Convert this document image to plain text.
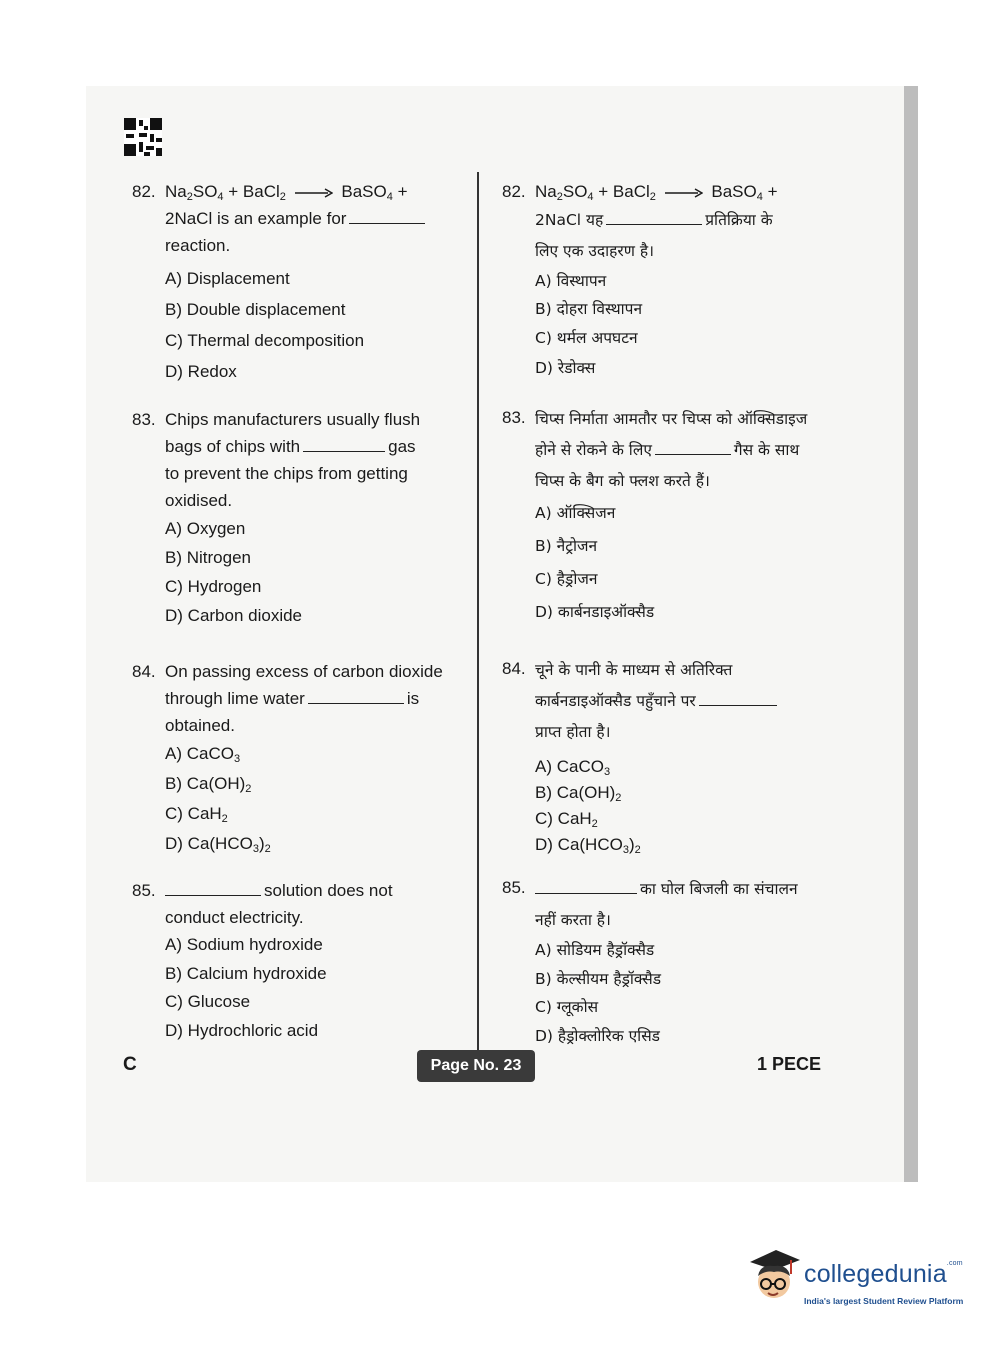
82. $Na_2SO_4$ + BaCl$_2$ → BaSO$_4$ +
2NaCl is an example for
reaction.
A) Displacement
B) Double displacement
C) Thermal decomposition
D) Redox
83. Chips manufacturers usually flush
bags of chips with	gas
to prevent the chips from getting
oxidised.
A) Oxygen
B) Nitrogen
C) Hydrogen
D) Carbon dioxide
84. On passing excess of carbon dioxide
through lime water	is
obtained.
A) CaCO$_3$
B) $Ca(OH)_2$
C) CaH$_2$
D) $Ca(HCO_3)_2$
85.	solution does not
conduct electricity.
A) Sodium hydroxide
B) Calcium hydroxide
C) Glucose
D) Hydrochloric acid
82. $Na_2SO_4$ + BaCl$_2$ → BaSO$_4$ +
2NaCl यह	प्रतिक्रिया के
लिए एक उदाहरण है।
A) विस्थापन
B) दोहरा विस्थापन
C) थर्मल अपघटन
D) रेडोक्स
83. चिप्स निर्माता आमतौर पर चिप्स को ऑक्सिडाइज
होने से रोकने के लिए	गैस के साथ
चिप्स के बैग को फ्लश करते हैं।
A) ऑक्सिजन
B) नैट्रोजन
C) हैड्रोजन
D) कार्बनडाइऑक्सैड
84. चूने के पानी के माध्यम से अतिरिक्त
कार्बनडाइऑक्सैड पहुँचाने पर
प्राप्त होता है।
A) CaCO$_3$
B) $Ca(OH)_2$
C) CaH$_2$
D) $Ca(HCO_3)_2$
85.	का घोल बिजली का संचालन
नहीं करता है।
A) सोडियम हैड्रॉक्सैड
B) केल्सीयम हैड्रॉक्सैड
C) ग्लूकोस
D) हैड्रोक्लोरिक एसिड
C	Page No. 23	1 PECE
collegedunia$^{.com}$
India's largest Student Review Platform
